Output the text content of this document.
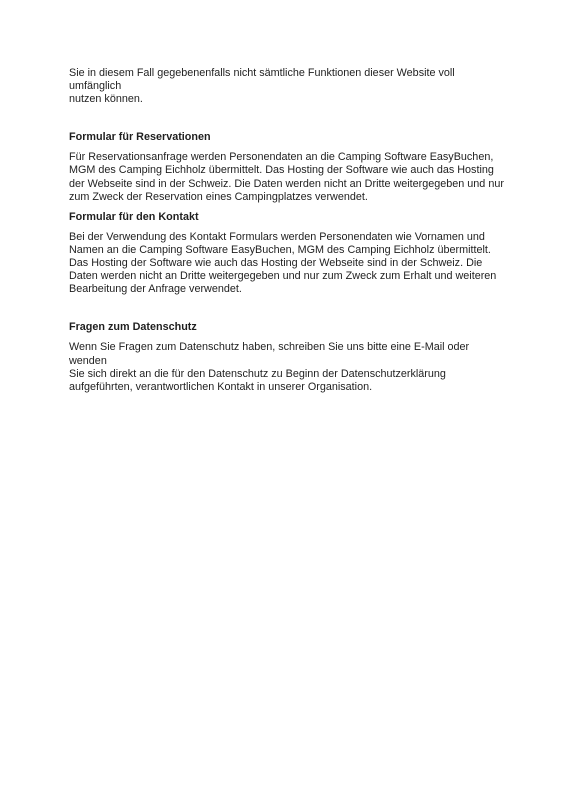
Sie in diesem Fall gegebenenfalls nicht sämtliche Funktionen dieser Website voll umfänglich
nutzen können.

Formular für Reservationen

Für Reservationsanfrage werden Personendaten an die Camping Software EasyBuchen,
MGM des Camping Eichholz übermittelt. Das Hosting der Software wie auch das Hosting
der Webseite sind in der Schweiz. Die Daten werden nicht an Dritte weitergegeben und nur
zum Zweck der Reservation eines Campingplatzes verwendet.

Formular für den Kontakt

Bei der Verwendung des Kontakt Formulars werden Personendaten wie Vornamen und
Namen an die Camping Software EasyBuchen, MGM des Camping Eichholz übermittelt.
Das Hosting der Software wie auch das Hosting der Webseite sind in der Schweiz. Die
Daten werden nicht an Dritte weitergegeben und nur zum Zweck zum Erhalt und weiteren
Bearbeitung der Anfrage verwendet.

Fragen zum Datenschutz

Wenn Sie Fragen zum Datenschutz haben, schreiben Sie uns bitte eine E-Mail oder wenden
Sie sich direkt an die für den Datenschutz zu Beginn der Datenschutzerklärung
aufgeführten, verantwortlichen Kontakt in unserer Organisation.
